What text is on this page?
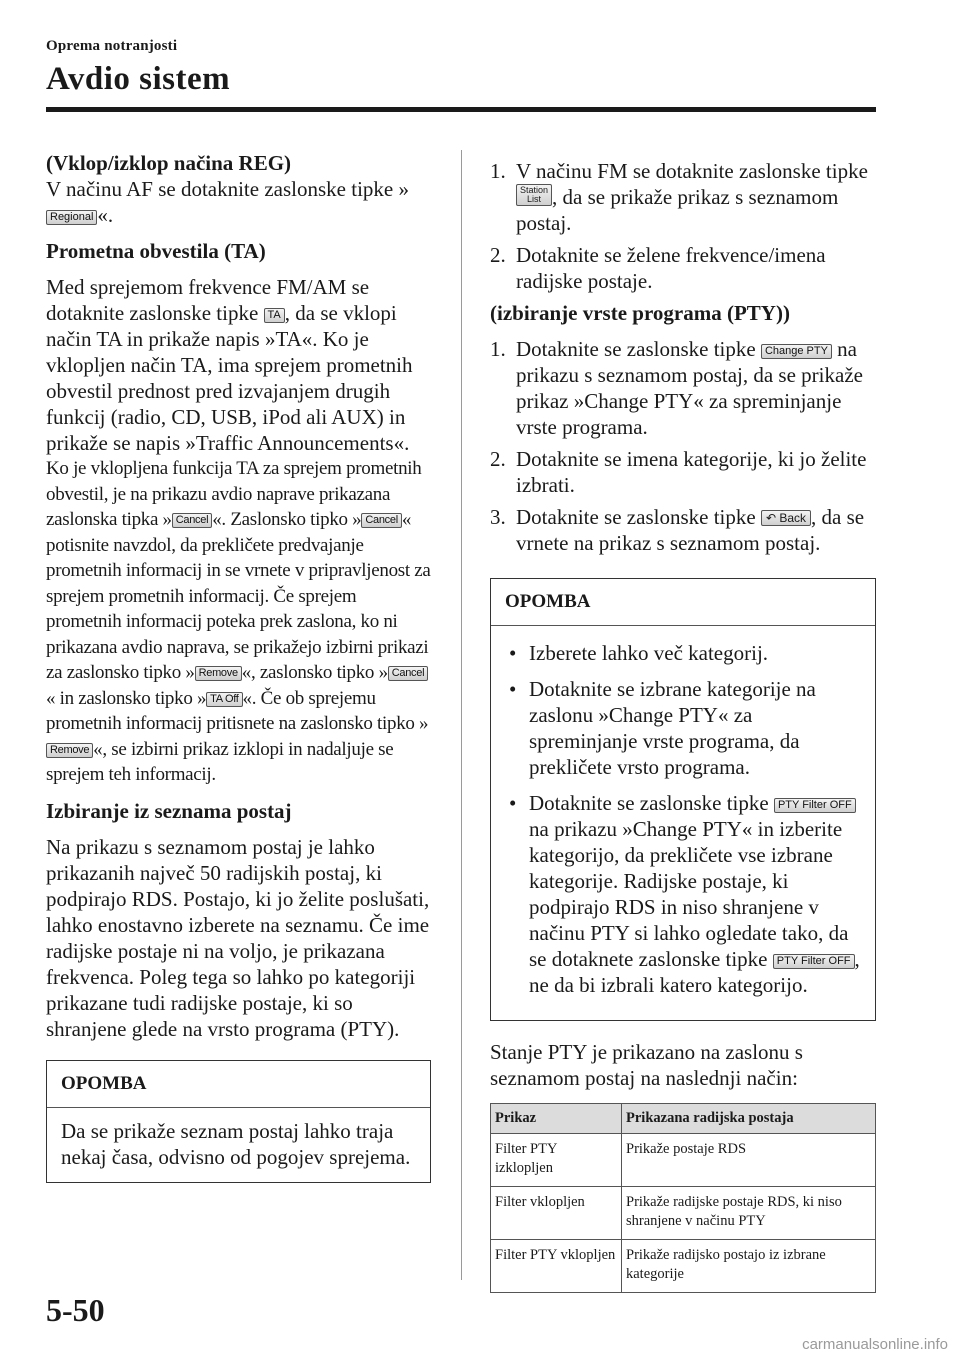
Oprema notranjosti
Avdio sistem

(Vklop/izklop načina REG)

V načinu AF se dotaknite zaslonske tipke »Regional «.

Prometna obvestila (TA)

Med sprejemom frekvence FM/AM se dotaknite zaslonske tipke TA , da se vklopi način TA in prikaže napis »TA«. Ko je vklopljen način TA, ima sprejem prometnih obvestil prednost pred izvajanjem drugih funkcij (radio, CD, USB, iPod ali AUX) in prikaže se napis »Traffic Announcements«.

Ko je vklopljena funkcija TA za sprejem prometnih obvestil, je na prikazu avdio naprave prikazana zaslonska tipka » Cancel «. Zaslonsko tipko » Cancel « potisnite navzdol, da prekličete predvajanje prometnih informacij in se vrnete v pripravljenost za sprejem prometnih informacij. Če sprejem prometnih informacij poteka prek zaslona, ko ni prikazana avdio naprava, se prikažejo izbirni prikazi za zaslonsko tipko » Remove «, zaslonsko tipko » Cancel« in zaslonsko tipko » TA Off «. Če ob sprejemu prometnih informacij pritisnete na zaslonsko tipko »Remove «, se izbirni prikaz izklopi in nadaljuje se sprejem teh informacij.

Izbiranje iz seznama postaj

Na prikazu s seznamom postaj je lahko prikazanih največ 50 radijskih postaj, ki podpirajo RDS. Postajo, ki jo želite poslušati, lahko enostavno izberete na seznamu. Če ime radijske postaje ni na voljo, je prikazana frekvenca. Poleg tega so lahko po kategoriji prikazane tudi radijske postaje, ki so shranjene glede na vrsto programa (PTY).

OPOMBA

Da se prikaže seznam postaj lahko traja nekaj časa, odvisno od pogojev sprejema.

1. V načinu FM se dotaknite zaslonske tipke Station
List , da se prikaže prikaz s seznamom postaj.
2. Dotaknite se želene frekvence/imena radijske postaje.

(izbiranje vrste programa (PTY))

1. Dotaknite se zaslonske tipke Change PTY na prikazu s seznamom postaj, da se prikaže prikaz »Change PTY« za spreminjanje vrste programa.
2. Dotaknite se imena kategorije, ki jo želite izbrati.
3. Dotaknite se zaslonske tipke ↶ Back , da se vrnete na prikaz s seznamom postaj.
OPOMBA
• Izberete lahko več kategorij.
• Dotaknite se izbrane kategorije na zaslonu »Change PTY« za spreminjanje vrste programa, da prekličete vrsto programa.
• Dotaknite se zaslonske tipke PTY Filter OFF na prikazu »Change PTY« in izberite kategorijo, da prekličete vse izbrane kategorije. Radijske postaje, ki podpirajo RDS in niso shranjene v načinu PTY si lahko ogledate tako, da se dotaknete zaslonske tipke PTY Filter OFF , ne da bi izbrali katero kategorijo.

Stanje PTY je prikazano na zaslonu s seznamom postaj na naslednji način:

Prikaz	Prikazana radijska postaja
Filter PTY izklopljen	Prikaže postaje RDS
Filter vklopljen	Prikaže radijske postaje RDS, ki niso shranjene v načinu PTY
Filter PTY vklopljen	Prikaže radijsko postajo iz izbrane kategorije
5-50
carmanualsonline.info
